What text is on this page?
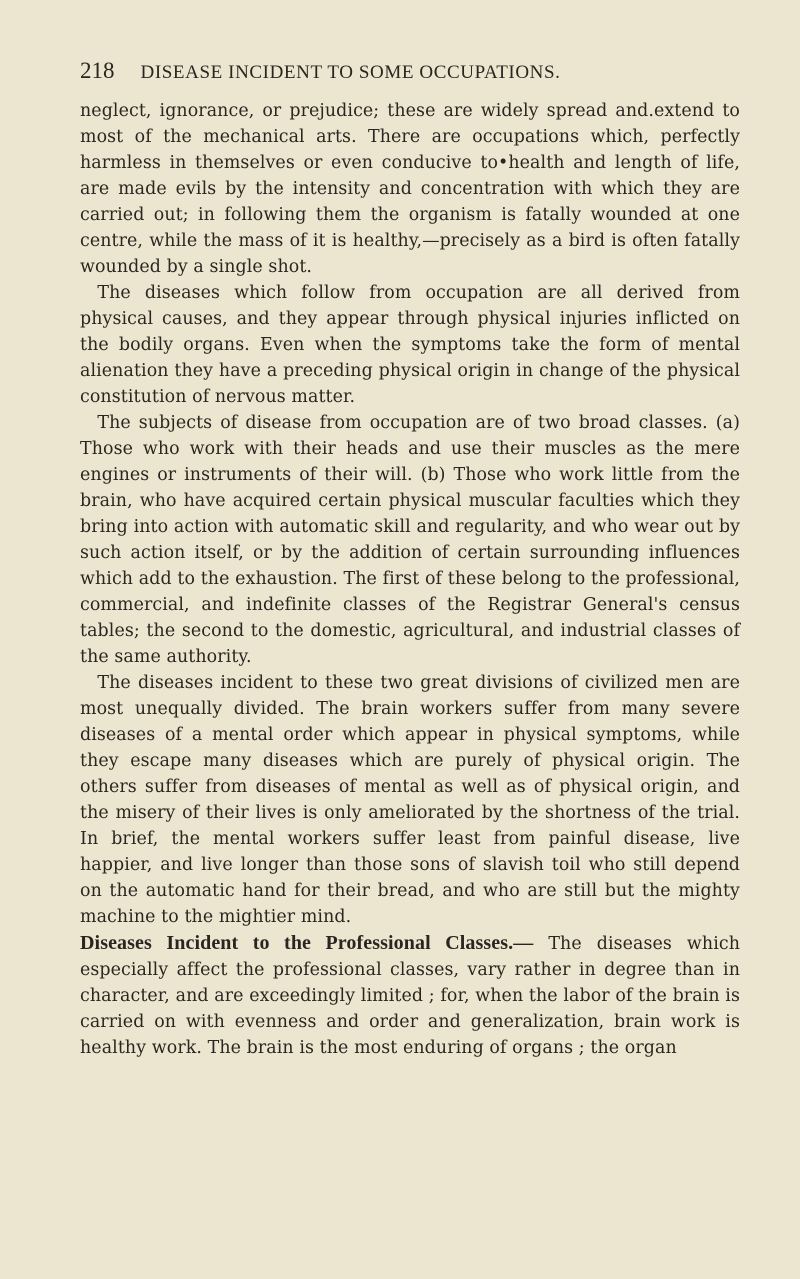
218 DISEASE INCIDENT TO SOME OCCUPATIONS.

neglect, ignorance, or prejudice; these are widely spread and.extend to most of the mechanical arts. There are occupations which, perfectly harmless in themselves or even conducive to•health and length of life, are made evils by the intensity and concentration with which they are carried out; in following them the organism is fatally wounded at one centre, while the mass of it is healthy,—precisely as a bird is often fatally wounded by a single shot.

The diseases which follow from occupation are all derived from physical causes, and they appear through physical injuries inflicted on the bodily organs. Even when the symptoms take the form of mental alienation they have a preceding physical origin in change of the physical constitution of nervous matter.

The subjects of disease from occupation are of two broad classes. (a) Those who work with their heads and use their muscles as the mere engines or instruments of their will. (b) Those who work little from the brain, who have acquired certain physical muscular faculties which they bring into action with automatic skill and regularity, and who wear out by such action itself, or by the addition of certain surrounding influences which add to the exhaustion. The first of these belong to the professional, commercial, and indefinite classes of the Registrar General's census tables; the second to the domestic, agricultural, and industrial classes of the same authority.

The diseases incident to these two great divisions of civilized men are most unequally divided. The brain workers suffer from many severe diseases of a mental order which appear in physical symptoms, while they escape many diseases which are purely of physical origin. The others suffer from diseases of mental as well as of physical origin, and the misery of their lives is only ameliorated by the shortness of the trial. In brief, the mental workers suffer least from painful disease, live happier, and live longer than those sons of slavish toil who still depend on the automatic hand for their bread, and who are still but the mighty machine to the mightier mind.

Diseases Incident to the Professional Classes.— The diseases which especially affect the professional classes, vary rather in degree than in character, and are exceedingly limited ; for, when the labor of the brain is carried on with evenness and order and generalization, brain work is healthy work. The brain is the most enduring of organs ; the organ
